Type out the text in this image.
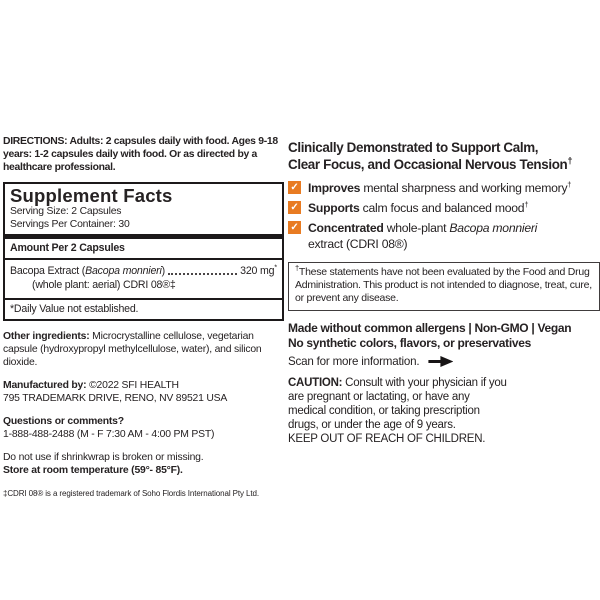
DIRECTIONS: Adults: 2 capsules daily with food. Ages 9-18 years: 1-2 capsules daily with food. Or as directed by a healthcare professional.

Supplement Facts
Serving Size: 2 Capsules
Servings Per Container: 30
Amount Per 2 Capsules
Bacopa Extract (Bacopa monnieri)	320 mg*
(whole plant: aerial) CDRI 08®‡
*Daily Value not established.

Other ingredients: Microcrystalline cellulose, vegetarian capsule (hydroxypropyl methylcellulose, water), and silicon dioxide.

Manufactured by: ©2022 SFI HEALTH
795 TRADEMARK DRIVE, RENO, NV 89521 USA

Questions or comments?
1-888-488-2488 (M - F 7:30 AM - 4:00 PM PST)

Do not use if shrinkwrap is broken or missing.
Store at room temperature (59°- 85°F).

‡CDRI 08® is a registered trademark of Soho Flordis International Pty Ltd.

Clinically Demonstrated to Support Calm,
Clear Focus, and Occasional Nervous Tension†
✓ Improves mental sharpness and working memory†
✓ Supports calm focus and balanced mood†
✓ Concentrated whole-plant Bacopa monnieri
extract (CDRI 08®)
†These statements have not been evaluated by the Food and Drug Administration. This product is not intended to diagnose, treat, cure, or prevent any disease.
Made without common allergens | Non-GMO | Vegan
No synthetic colors, flavors, or preservatives
Scan for more information.

CAUTION: Consult with your physician if you are pregnant or lactating, or have any medical condition, or taking prescription drugs, or under the age of 9 years.
KEEP OUT OF REACH OF CHILDREN.
